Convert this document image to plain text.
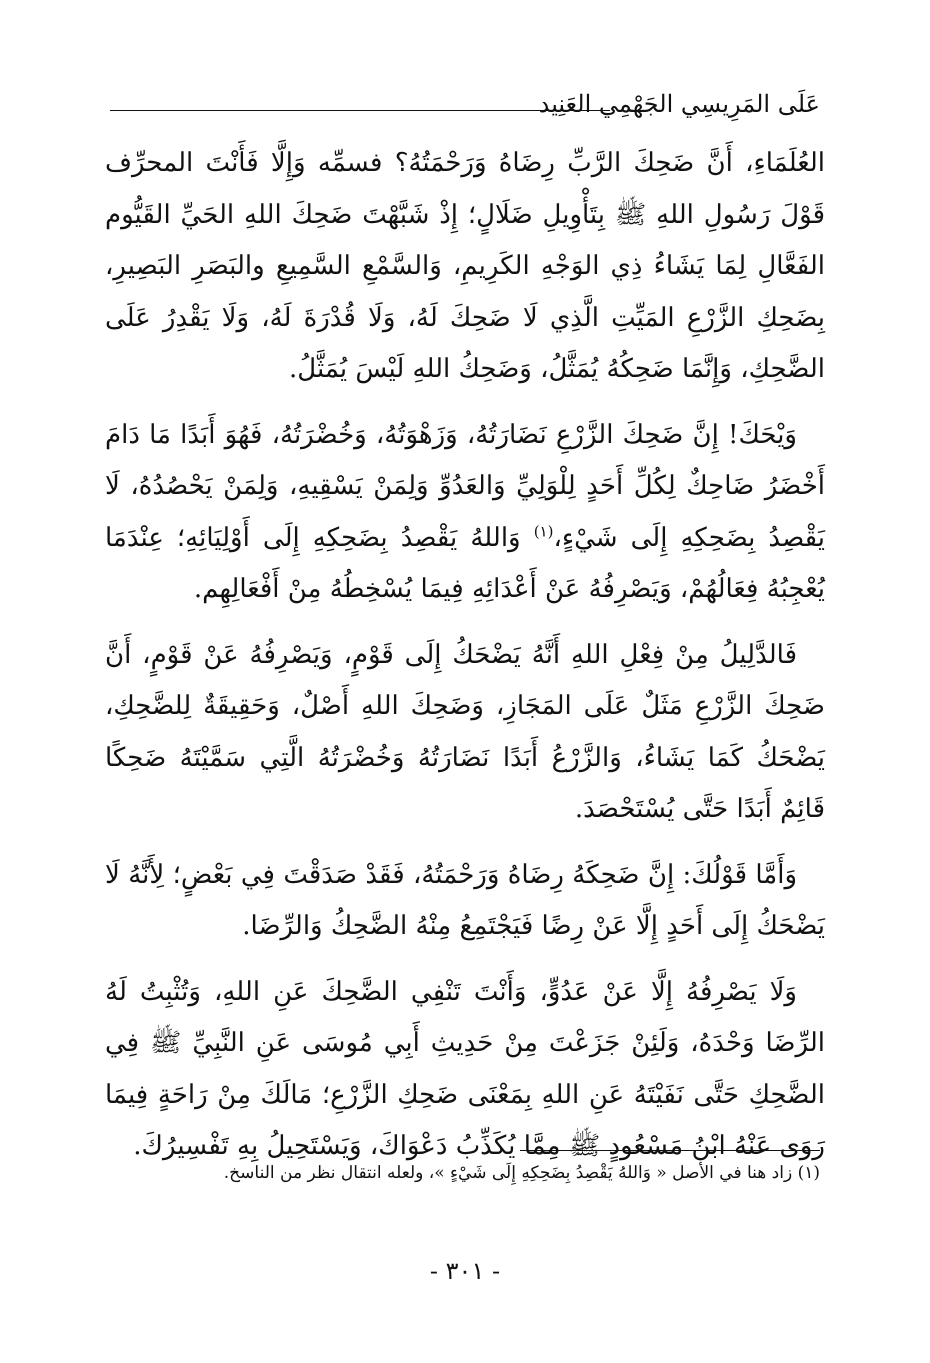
عَلَى المَرِيسِي الجَهْمِي العَنِيد

العُلَمَاءِ، أَنَّ ضَحِكَ الرَّبِّ رِضَاهُ وَرَحْمَتُهُ؟ فسمِّه وَإِلَّا فَأَنْتَ المحرِّف قَوْلَ رَسُولِ اللهِ ﷺ بِتَأْوِيلِ ضَلَالٍ؛ إِذْ شَبَّهْتَ ضَحِكَ اللهِ الحَيِّ القَيُّوم الفَعَّالِ لِمَا يَشَاءُ ذِي الوَجْهِ الكَرِيمِ، وَالسَّمْعِ السَّمِيعِ والبَصَرِ البَصِيرِ، بِضَحِكِ الزَّرْعِ المَيِّتِ الَّذِي لَا ضَحِكَ لَهُ، وَلَا قُدْرَةَ لَهُ، وَلَا يَقْدِرُ عَلَى الضَّحِكِ، وَإِنَّمَا ضَحِكُهُ يُمَثَّلُ، وَضَحِكُ اللهِ لَيْسَ يُمَثَّلُ.

وَيْحَكَ! إِنَّ ضَحِكَ الزَّرْعِ نَضَارَتُهُ، وَزَهْوَتُهُ، وَخُضْرَتُهُ، فَهُوَ أَبَدًا مَا دَامَ أَخْضَرُ ضَاحِكٌ لِكُلِّ أَحَدٍ لِلْوَلِيِّ وَالعَدُوِّ وَلِمَنْ يَسْقِيهِ، وَلِمَنْ يَحْصُدُهُ، لَا يَقْصِدُ بِضَحِكِهِ إِلَى شَيْءٍ،$^{(١)}$ وَاللهُ يَقْصِدُ بِضَحِكِهِ إِلَى أَوْلِيَائِهِ؛ عِنْدَمَا يُعْجِبُهُ فِعَالُهُمْ، وَيَصْرِفُهُ عَنْ أَعْدَائِهِ فِيمَا يُسْخِطُهُ مِنْ أَفْعَالِهِم.

فَالدَّلِيلُ مِنْ فِعْلِ اللهِ أَنَّهُ يَضْحَكُ إِلَى قَوْمٍ، وَيَصْرِفُهُ عَنْ قَوْمٍ، أَنَّ ضَحِكَ الزَّرْعِ مَثَلٌ عَلَى المَجَازِ، وَضَحِكَ اللهِ أَصْلٌ، وَحَقِيقَةٌ لِلضَّحِكِ، يَضْحَكُ كَمَا يَشَاءُ، وَالزَّرْعُ أَبَدًا نَضَارَتُهُ وَخُضْرَتُهُ الَّتِي سَمَّيْتَهُ ضَحِكًا قَائِمٌ أَبَدًا حَتَّى يُسْتَحْصَدَ.

وَأَمَّا قَوْلُكَ: إِنَّ ضَحِكَهُ رِضَاهُ وَرَحْمَتُهُ، فَقَدْ صَدَقْتَ فِي بَعْضٍ؛ لِأَنَّهُ لَا يَضْحَكُ إِلَى أَحَدٍ إِلَّا عَنْ رِضًا فَيَجْتَمِعُ مِنْهُ الضَّحِكُ وَالرِّضَا.

وَلَا يَصْرِفُهُ إِلَّا عَنْ عَدُوٍّ، وَأَنْتَ تَنْفِي الضَّحِكَ عَنِ اللهِ، وَتُثْبِتُ لَهُ الرِّضَا وَحْدَهُ، وَلَئِنْ جَزَعْتَ مِنْ حَدِيثِ أَبِي مُوسَى عَنِ النَّبِيِّ ﷺ فِي الضَّحِكِ حَتَّى نَفَيْتَهُ عَنِ اللهِ بِمَعْنَى ضَحِكِ الزَّرْعِ؛ مَالَكَ مِنْ رَاحَةٍ فِيمَا رَوَى عَنْهُ ابْنُ مَسْعُودٍ ﷺ مِمَّا يُكَذِّبُ دَعْوَاكَ، وَيَسْتَحِيلُ بِهِ تَفْسِيرُكَ.

(١) زاد هنا في الأصل « وَاللهُ يَقْصِدُ بِضَحِكِهِ إِلَى شَيْءٍ »، ولعله انتقال نظر من الناسخ.
- ٣٠١ -
